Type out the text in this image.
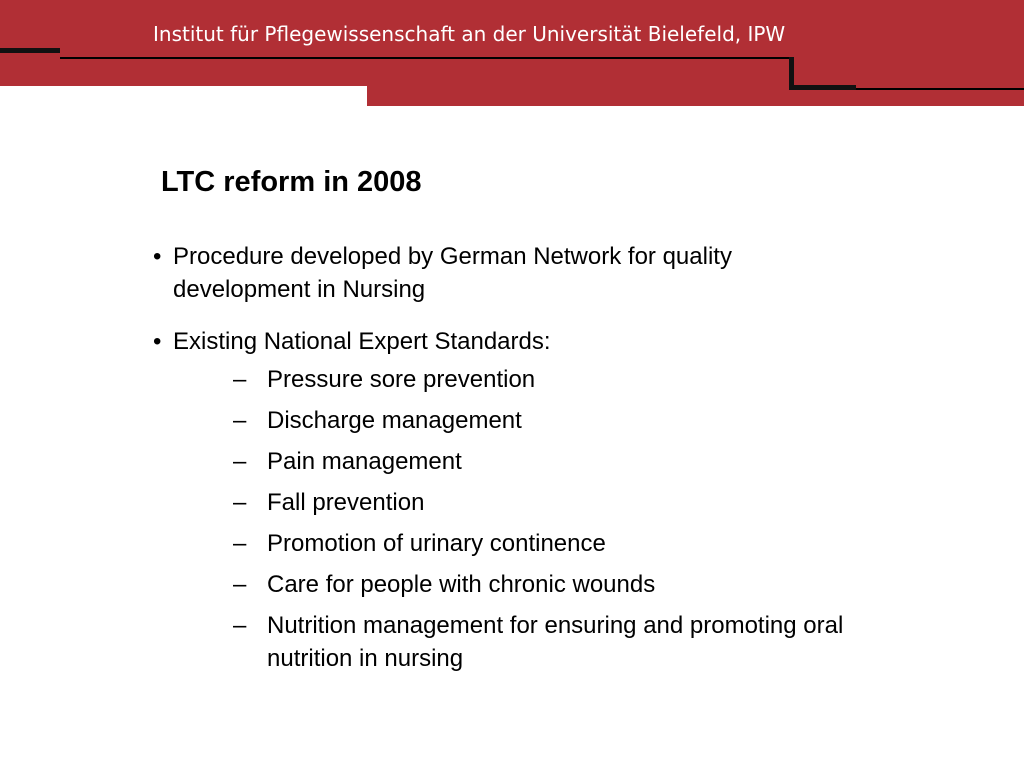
Institut für Pflegewissenschaft an der Universität Bielefeld, IPW
LTC reform in 2008
• Procedure developed by German Network for quality development in Nursing
• Existing National Expert Standards:
– Pressure sore prevention
– Discharge management
– Pain management
– Fall prevention
– Promotion of urinary continence
– Care for people with chronic wounds
– Nutrition management for ensuring and promoting oral nutrition in nursing
